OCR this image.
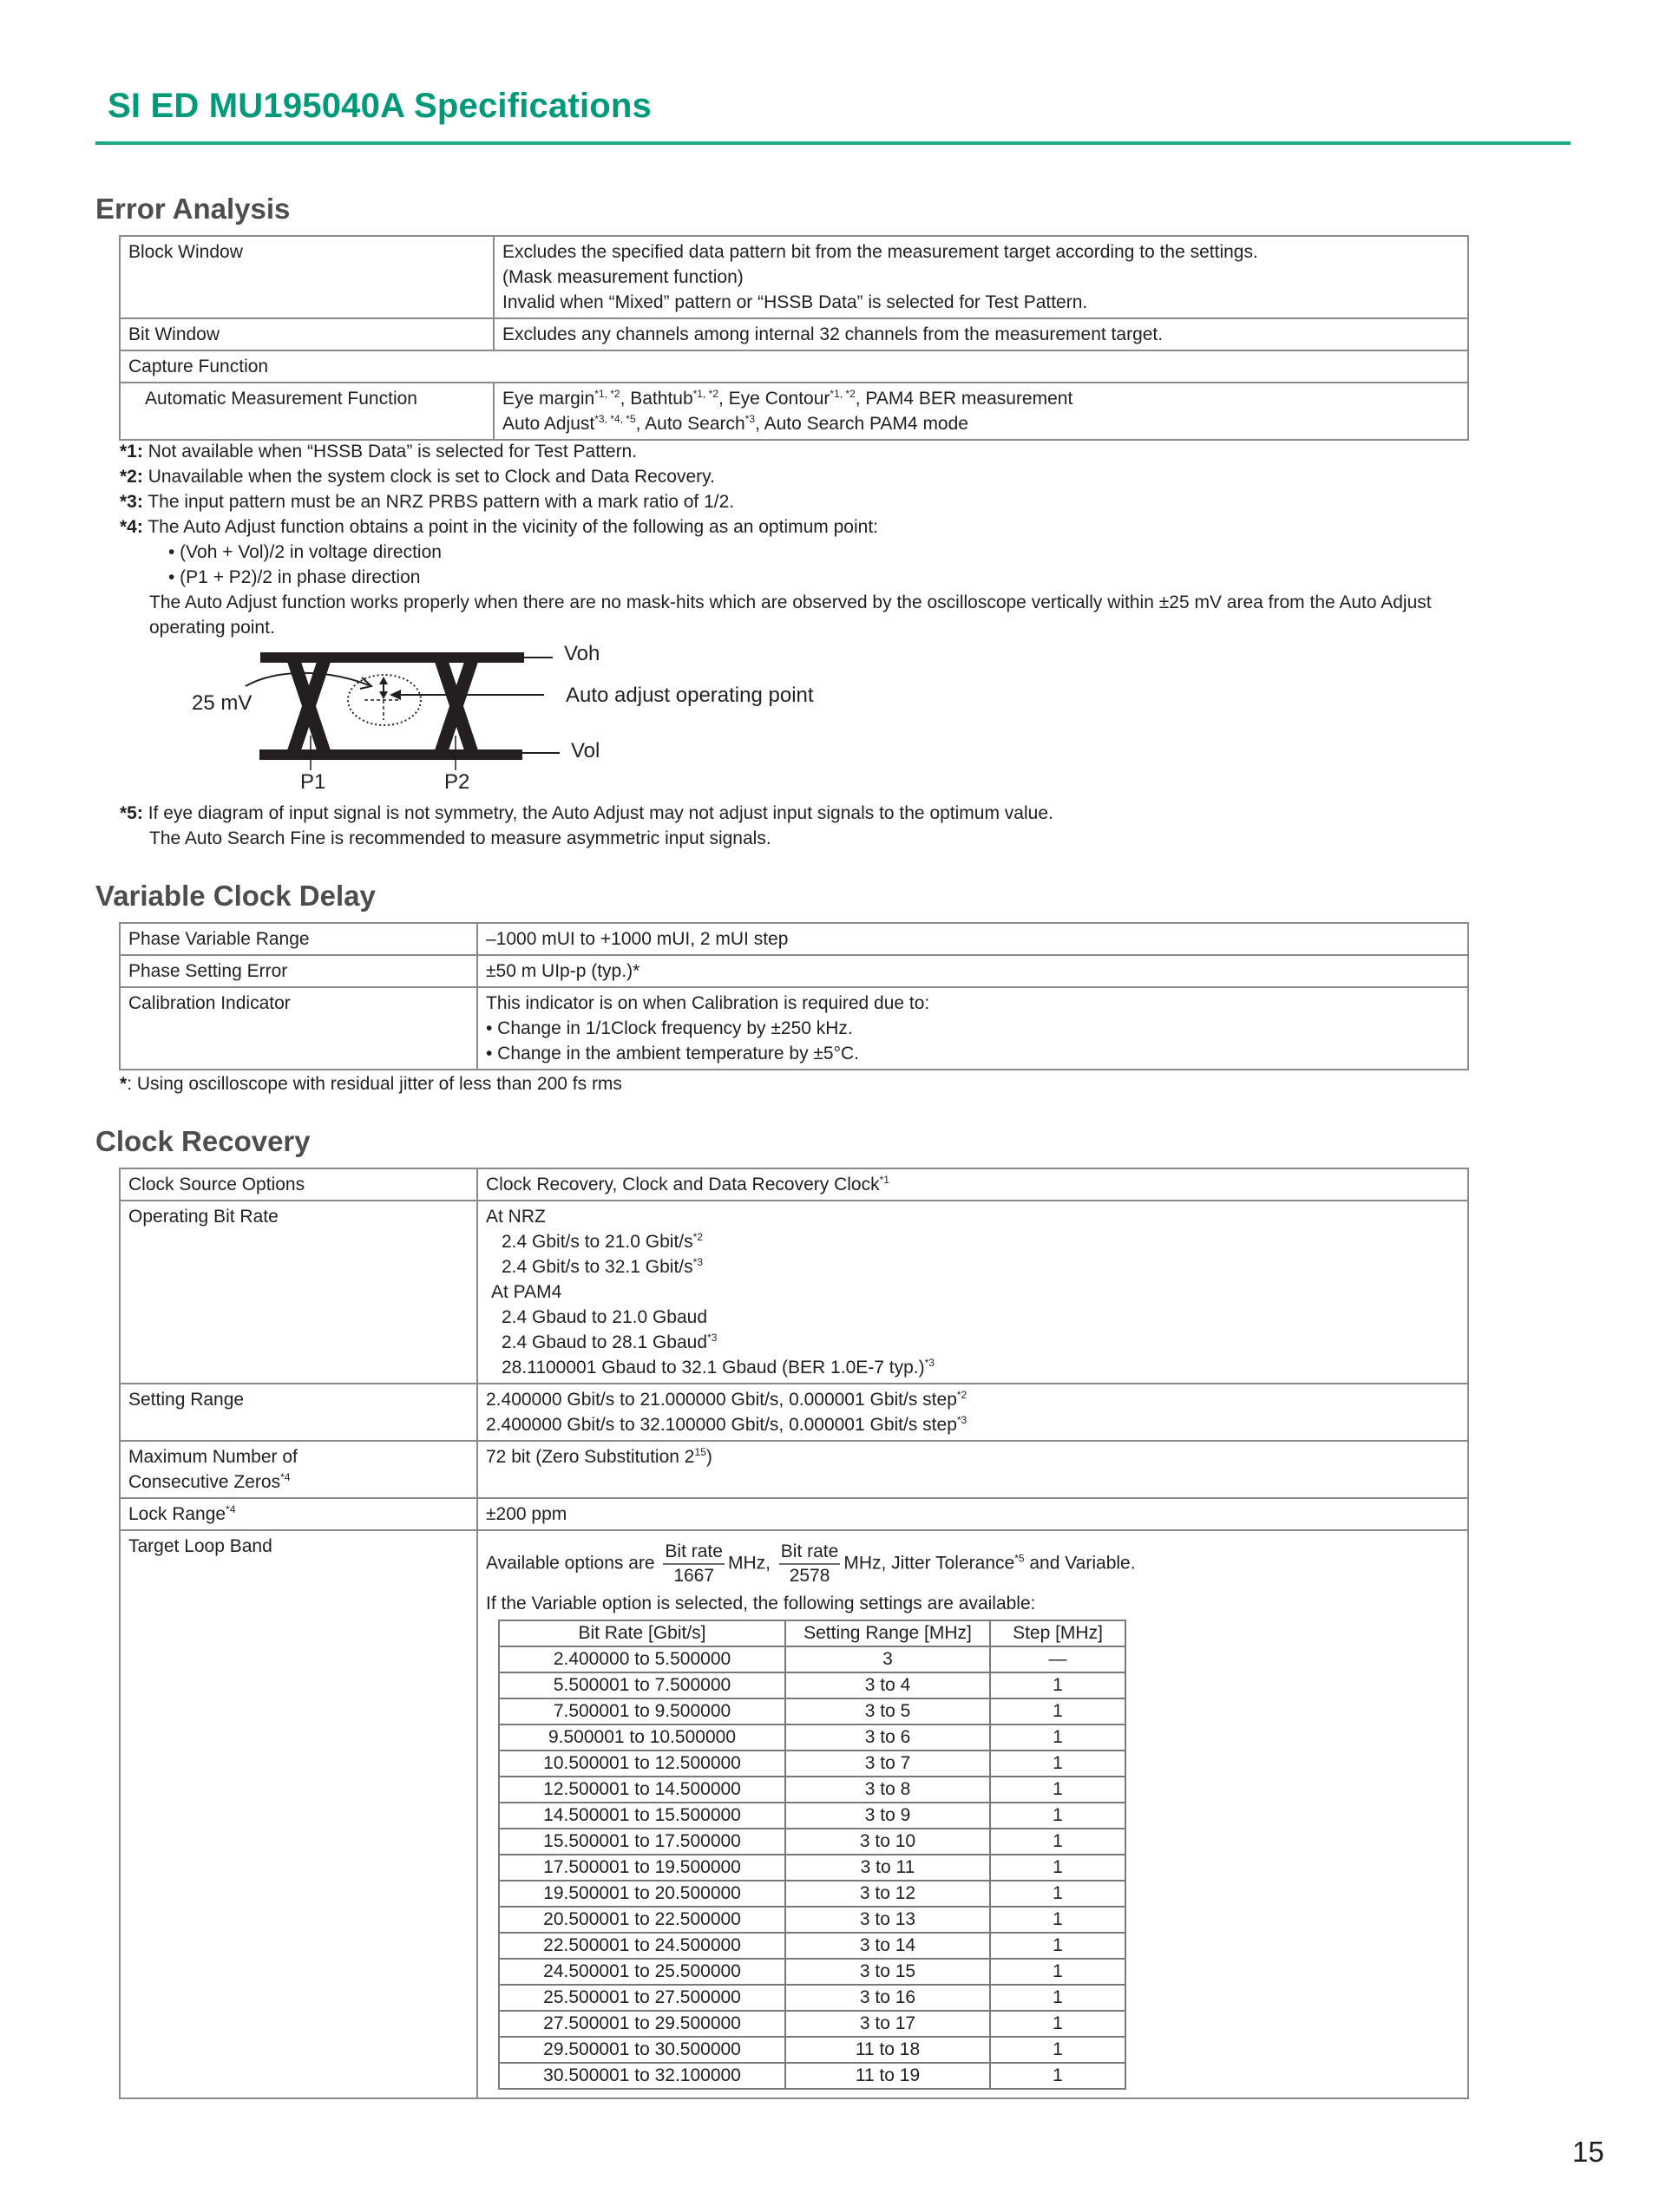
SI ED MU195040A Specifications
Error Analysis
Block Window	Excludes the specified data pattern bit from the measurement target according to the settings.
(Mask measurement function)
Invalid when “Mixed” pattern or “HSSB Data” is selected for Test Pattern.

Bit Window	Excludes any channels among internal 32 channels from the measurement target.
Capture Function	
Automatic Measurement Function	Eye margin$^{*1, *2}$, Bathtub$^{*1, *2}$, Eye Contour$^{*1, *2}$, PAM4 BER measurement
Auto Adjust$^{*3, *4, *5}$, Auto Search$^{*3}$, Auto Search PAM4 mode
*1: Not available when “HSSB Data” is selected for Test Pattern.
*2: Unavailable when the system clock is set to Clock and Data Recovery.
*3: The input pattern must be an NRZ PRBS pattern with a mark ratio of 1/2.
*4: The Auto Adjust function obtains a point in the vicinity of the following as an optimum point:
• (Voh + Vol)/2 in voltage direction
• (P1 + P2)/2 in phase direction
The Auto Adjust function works properly when there are no mask-hits which are observed by the oscilloscope vertically within ±25 mV area from the Auto Adjust
operating point.
Voh
Vol
25 mV	Auto adjust operating point
P1	P2
*5: If eye diagram of input signal is not symmetry, the Auto Adjust may not adjust input signals to the optimum value.
The Auto Search Fine is recommended to measure asymmetric input signals.
Variable Clock Delay
Phase Variable Range	–1000 mUI to +1000 mUI, 2 mUI step
Phase Setting Error	±50 m UIp-p (typ.)*
Calibration Indicator	This indicator is on when Calibration is required due to:
• Change in 1/1Clock frequency by ±250 kHz.
• Change in the ambient temperature by ±5°C.
*: Using oscilloscope with residual jitter of less than 200 fs rms
Clock Recovery
Clock Source Options	Clock Recovery, Clock and Data Recovery Clock$^{*1}$
Operating Bit Rate	At NRZ
2.4 Gbit/s to 21.0 Gbit/$s^{*2}$
2.4 Gbit/s to 32.1 Gbit/$s^{*3}$
At PAM4
2.4 Gbaud to 21.0 Gbaud
2.4 Gbaud to 28.1 Gbaud$^{*3}$
28.1100001 Gbaud to 32.1 Gbaud (BER 1.0E-7 typ.)$^{*3}$

Setting Range	2.400000 Gbit/s to 21.000000 Gbit/s, 0.000001 Gbit/s step$^{*2}$
2.400000 Gbit/s to 32.100000 Gbit/s, 0.000001 Gbit/s step$^{*3}$

Maximum Number of
Consecutive Zeros$^{*4}$
	72 bit (Zero Substitution $2^{15}$)
Lock Range$^{*4}$	±200 ppm
Target Loop Band	
Available options are $\frac{\text{Bit rate}}{1667}$ MHz, $\frac{\text{Bit rate}}{2578}$ MHz, Jitter Tolerance$^{*5}$ and Variable.
If the Variable option is selected, the following settings are available:
Bit Rate [Gbit/s]	Setting Range [MHz]	Step [MHz]
2.400000 to 5.500000	3	—
5.500001 to 7.500000	3 to 4	1
7.500001 to 9.500000	3 to 5	1
9.500001 to 10.500000	3 to 6	1
10.500001 to 12.500000	3 to 7	1
12.500001 to 14.500000	3 to 8	1
14.500001 to 15.500000	3 to 9	1
15.500001 to 17.500000	3 to 10	1
17.500001 to 19.500000	3 to 11	1
19.500001 to 20.500000	3 to 12	1
20.500001 to 22.500000	3 to 13	1
22.500001 to 24.500000	3 to 14	1
24.500001 to 25.500000	3 to 15	1
25.500001 to 27.500000	3 to 16	1
27.500001 to 29.500000	3 to 17	1
29.500001 to 30.500000	11 to 18	1
30.500001 to 32.100000	11 to 19	1
15
